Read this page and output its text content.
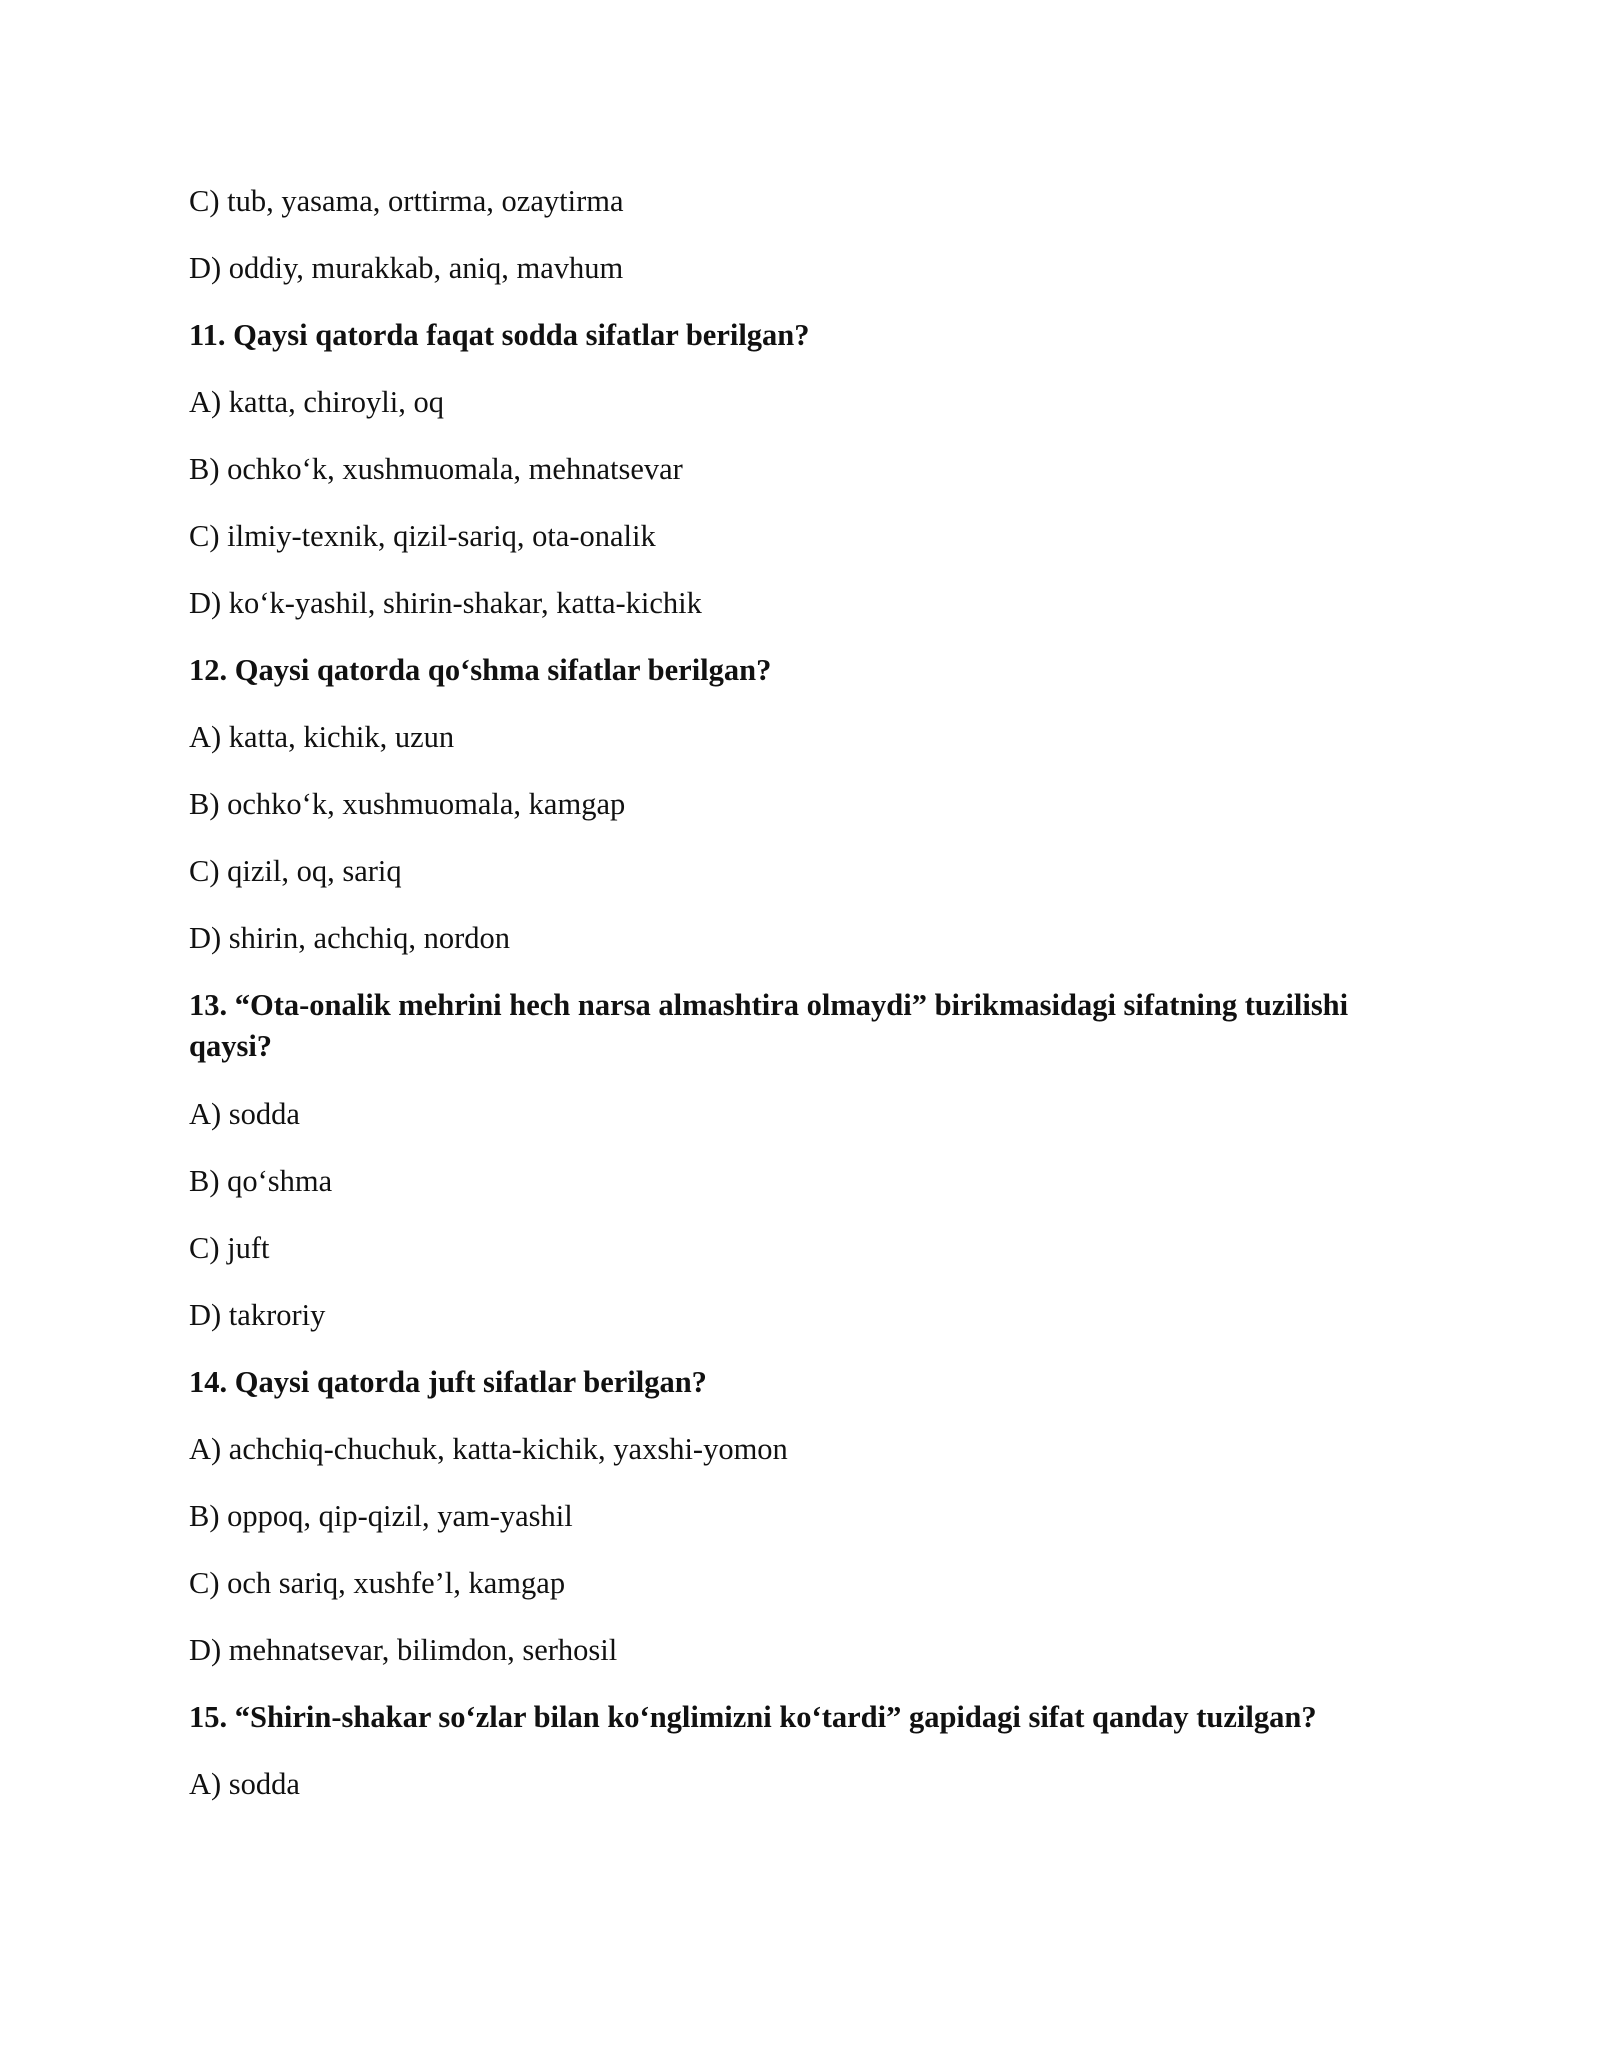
C) tub, yasama, orttirma, ozaytirma

D) oddiy, murakkab, aniq, mavhum

11. Qaysi qatorda faqat sodda sifatlar berilgan?

A) katta, chiroyli, oq

B) ochko‘k, xushmuomala, mehnatsevar

C) ilmiy-texnik, qizil-sariq, ota-onalik

D) ko‘k-yashil, shirin-shakar, katta-kichik

12. Qaysi qatorda qo‘shma sifatlar berilgan?

A) katta, kichik, uzun

B) ochko‘k, xushmuomala, kamgap

C) qizil, oq, sariq

D) shirin, achchiq, nordon

13. “Ota-onalik mehrini hech narsa almashtira olmaydi” birikmasidagi sifatning tuzilishi qaysi?

A) sodda

B) qo‘shma

C) juft

D) takroriy

14. Qaysi qatorda juft sifatlar berilgan?

A) achchiq-chuchuk, katta-kichik, yaxshi-yomon

B) oppoq, qip-qizil, yam-yashil

C) och sariq, xushfe’l, kamgap

D) mehnatsevar, bilimdon, serhosil

15. “Shirin-shakar so‘zlar bilan ko‘nglimizni ko‘tardi” gapidagi sifat qanday tuzilgan?

A) sodda
